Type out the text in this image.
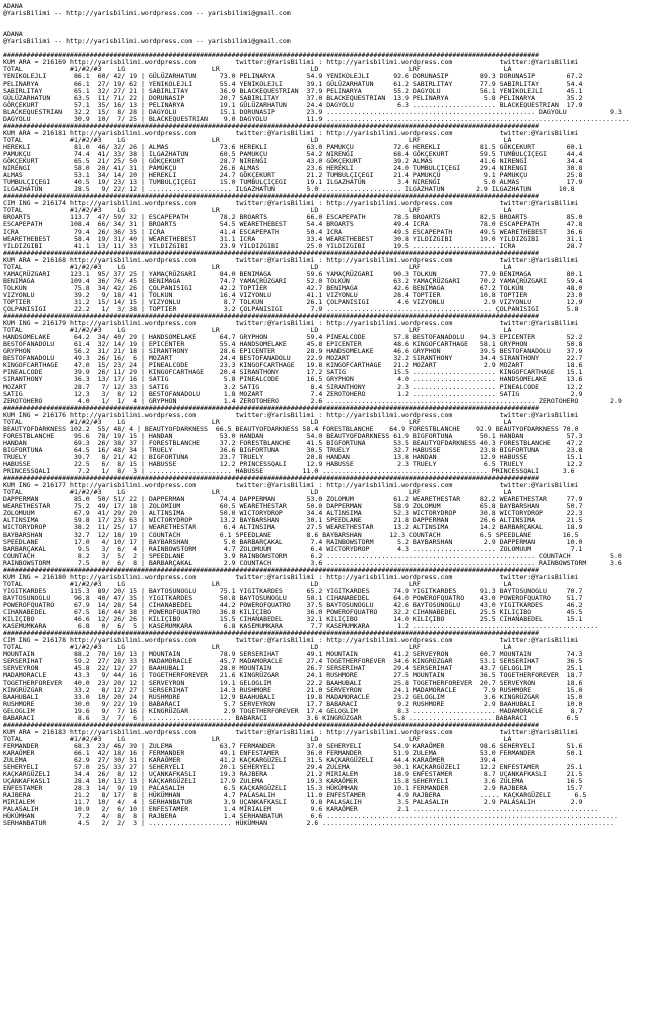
ADANA
@YarisBilimi -- http://yarisbilimi.wordpress.com -- yarisbilimi@gmail.com
ADANA
@YarisBilimi -- http://yarisbilimi.wordpress.com -- yarisbilimi@gmail.com
########################################################################################################################################
KUM ARA = 216169 http://yarisbilimi.wordpress.com          twitter:@YarisBilimi : http://yarisbilimi.wordpress.com            twitter:@YarisBilimi
TOTAL            #1/#2/#3    LG                      LR                       LD                       LRF                     LA
YENIKOLEJLI       86.1  60/ 42/ 19 | GÜLÜZARHATUN      73.0 PELINARYA        54.9 YENIKOLEJLI      92.6 DORUNASIP        89.3 DORUNASIP        67.2
PELINARYA         66.1  27/ 19/ 62 | YENIKOLEJLI       55.4 YENIKOLEJLI      39.1 GÜLÜZARHATUN     61.2 SABIRLITAY       77.9 SABIRLITAY       54.4
SABIRLITAY        65.1  32/ 27/ 21 | SABIRLITAY        36.9 BLACKEQUESTRIAN  37.9 PELINARYA        55.2 DAGYOLU          56.1 YENIKOLEJLI      45.1
GÜLÜZARHATUN      63.5  11/ 71/ 22 | DORUNASIP         20.7 SABIRLITAY       37.0 BLACKEQUESTRIAN  13.9 PELINARYA         5.8 PELINARYA        35.2
GÖRÇEKURT         57.1  35/ 16/ 13 | PELINARYA         19.1 GÜLÜZARHATUN     24.4 DAGYOLU           6.3 ..................... BLACKEQUESTRIAN  17.9
BLACKEQUESTRIAN   32.2  15/  8/ 28 | DAGYOLU           15.1 DORUNASIP        23.9 ..................................................... DAGYOLU           9.3
DAGYOLU           30.9  10/  7/ 25 | BLACKEQUESTRIAN    9.0 DAGYOLU          11.9 .............................................................................
########################################################################################################################################
KUM ARA = 216181 http://yarisbilimi.wordpress.com          twitter:@YarisBilimi : http://yarisbilimi.wordpress.com            twitter:@YarisBilimi
TOTAL            #1/#2/#3    LG                      LR                       LD                       LRF                     LA
HEREKLI           81.0  46/ 32/ 26 | ALMAS             73.6 HEREKLI          63.0 PAMUKÇU          72.6 HEREKLI          81.5 GÖKÇEKURT        60.1
PAMUKÇU           74.4  41/ 33/ 38 | ILGAZHATUN        60.5 PAMUKÇU          54.2 NIRENGI          68.4 GÖKÇEKURT        59.5 TUMBULÇIÇEGI     44.4
GÖKÇEKURT         65.5  21/ 25/ 50 | GÖKÇEKURT         28.7 NIRENGI          43.0 GÖKÇEKURT        39.2 ALMAS            41.6 NIRENGI          34.4
NIRENGI           58.0  20/ 41/ 31 | PAMUKÇU           26.6 ALMAS            23.6 HEREKLI          24.0 TUMBULÇIÇEGI     29.4 NIRENGI          30.8
ALMAS             53.1  34/ 14/ 20 | HEREKLI           24.7 GÖKÇEKURT        21.2 TUMBULÇIÇEGI     21.4 PAMUKÇU           9.1 PAMUKÇU          25.8
TUMBULÇIÇEGI      40.5  19/ 23/ 13 | TUMBULÇIÇEGI      15.0 TUMBULÇIÇEGI     19.1 ILGAZHATUN        3.4 NIRENGI           5.0 ALMAS            17.9
ILGAZHATUN        28.5   9/ 22/ 12 | ..................... ILGAZHATUN        5.0 .................... ILGAZHATUN        2.9 ILGAZHATUN       10.8
########################################################################################################################################
CIM ING = 216174 http://yarisbilimi.wordpress.com          twitter:@YarisBilimi : http://yarisbilimi.wordpress.com            twitter:@YarisBilimi
TOTAL            #1/#2/#3    LG                      LR                       LD                       LRF                     LA
BROARTS          113.7  47/ 59/ 32 | ESCAPEPATH        78.2 BROARTS          66.0 ESCAPEPATH       78.5 BROARTS          82.5 BROARTS          85.0
ESCAPEPATH       108.4  66/ 34/ 31 | BROARTS           54.5 WEARETHEBEST     54.4 BROARTS          49.4 ICRA             78.0 ESCAPEPATH       47.8
ICRA              79.4  26/ 36/ 35 | ICRA              41.4 ESCAPEPATH       50.4 ICRA             49.5 ESCAPEPATH       49.5 WEARETHEBEST     36.6
WEARETHEBEST      58.4  19/ 31/ 40 | WEARETHEBEST      31.1 ICRA             33.4 WEARETHEBEST     30.8 YILDIZGIBI       19.0 YILDIZGIBI       31.1
YILDIZGIBI        41.1  13/ 11/ 33 | YILDIZGIBI        23.9 YILDIZGIBI       25.0 YILDIZGIBI       19.5 ..................... ICRA             28.7
########################################################################################################################################
KUM ARA = 216168 http://yarisbilimi.wordpress.com          twitter:@YarisBilimi : http://yarisbilimi.wordpress.com            twitter:@YarisBilimi
TOTAL            #1/#2/#3    LG                      LR                       LD                       LRF                     LA
YAMAÇRÜZGARI     123.1  95/ 37/ 25 | YAMAÇRÜZGARI      84.0 BENIMAGA         59.6 YAMAÇRÜZGARI     90.3 TOLKUN           77.9 BENIMAGA         80.1
BENIMAGA         109.4  36/ 76/ 45 | BENIMAGA          74.7 YAMAÇRÜZGARI     52.0 TOLKUN           63.2 YAMAÇRÜZGARI     70.2 YAMAÇRÜZGARI     59.4
TOLKUN            75.8  34/ 42/ 26 | ÇOLPANISIGI       42.2 TOPTIER          42.7 BENIMAGA         42.6 BENIMAGA         67.2 TOLKUN           48.0
VIZYONLU          39.2   9/ 18/ 41 | TOLKUN            16.4 VIZYONLU         41.1 VIZYONLU         28.4 TOPTIER          10.8 TOPTIER          23.0
TOPTIER           31.2  15/ 14/ 15 | VIZYONLU           8.7 TOLKUN           26.1 ÇOLPANISIGI       4.6 VIZYONLU          2.9 VIZYONLU         12.9
ÇOLPANISIGI       22.2   1/  3/ 38 | TOPTIER            3.2 ÇOLPANISIGI       7.9 .......................................... ÇOLPANISIGI       5.8
########################################################################################################################################
KUM ING = 216179 http://yarisbilimi.wordpress.com          twitter:@YarisBilimi : http://yarisbilimi.wordpress.com            twitter:@YarisBilimi
TOTAL            #1/#2/#3    LG                      LR                       LD                       LRF                     LA
HANDSOMELAKE      64.2  34/ 40/ 29 | HANDSOMELAKE      64.7 GRYPHON          59.4 PINEALCODE       57.8 BESTOFANADOLU    94.3 EPICENTER        52.2
BESTOFANADOLU     61.4  32/ 14/ 19 | EPICENTER         55.4 HANDSOMELAKE     45.8 EPICENTER        48.6 KINGOFCARTHAGE   58.1 GRYPHON          50.8
GRYPHON           56.2  31/ 21/ 18 | SIRANTHONY        28.6 EPICENTER        28.9 HANDSOMELAKE     46.6 GRYPHON          39.5 BESTOFANADOLU    37.9
BESTOFANADOLU     49.3  26/ 16/  6 | MOZART            24.4 BESTOFANADOLU    22.9 MOZART           32.2 SIRANTHONY       34.4 SIRANTHONY       22.7
KINGOFCARTHAGE    47.0  15/ 23/ 24 | PINEALCODE        23.3 KINGOFCARTHAGE   19.8 KINGOFCARTHAGE   21.2 MOZART            2.9 MOZART           18.6
PINEALCODE        39.9  26/ 11/ 29 | KINGOFCARTHAGE    20.4 SIRANTHONY       17.2 SATIG            15.5 ..................... KINGOFCARTHAGE   15.1
SIRANTHONY        36.3  13/ 17/ 16 | SATIG              5.8 PINEALCODE       16.5 GRYPHON           4.0 ..................... HANDSOMELAKE     13.6
MOZART            28.7   7/ 12/ 33 | SATIG              3.2 SATIG             8.4 SIRANTHONY        2.3 ..................... PINEALCODE       12.2
SATIG             12.3   3/  8/ 12 | BESTOFANADOLU      1.8 MOZART            7.4 ZEROTOHERO        1.2 ..................... SATIG             2.9
ZEROTOHERO         4.0   1/  1/  4 | GRYPHON            1.4 ZEROTOHERO        2.6 ..................................................... ZEROTOHERO        2.9
########################################################################################################################################
KUM ING = 216176 http://yarisbilimi.wordpress.com          twitter:@YarisBilimi : http://yarisbilimi.wordpress.com            twitter:@YarisBilimi
TOTAL            #1/#2/#3    LG                      LR                       LD                       LRF                     LA
BEAUTYOFDARKNESS 102.2  55/ 48/ 4 | BEAUTYOFDARKNESS  66.5 BEAUTYOFDARKNESS 58.4 FORESTBLANCHE    64.9 FORESTBLANCHE    92.9 BEAUTYOFDARKNESS 70.0
FORESTBLANCHE     95.6  78/ 19/ 15 | HANDAN            53.0 HANDAN           54.0 BEAUTYOFDARKNESS 61.9 BIGFORTUNA       50.1 HANDAN           57.3
HANDAN            69.3  26/ 38/ 37 | FORESTBLANCHE     37.2 FORESTBLANCHE    41.5 BIGFORTUNA       53.5 BEAUTYOFDARKNESS 40.3 FORESTBLANCHE    47.2
BIGFORTUNA        64.5  16/ 48/ 34 | TRUELY            36.6 BIGFORTUNA       30.5 TRUELY           32.7 HABUSSE          23.8 BIGFORTUNA       23.8
TRUELY            39.7   8/ 21/ 42 | BIGFORTUNA        23.7 TRUELY           20.8 HANDAN           13.8 HANDAN           12.9 HABUSSE          15.1
HABUSSE           22.5   6/  8/ 15 | HABUSSE           12.2 PRINCESSQALI     12.9 HABUSSE           2.3 TRUELY            6.5 TRUELY           12.2
PRINCESSQALI       7.2   1/  8/  3 | ..................... HABUSSE          11.0 .......................................... PRINCESSQALI      3.6
########################################################################################################################################
KUM ING = 216177 http://yarisbilimi.wordpress.com          twitter:@YarisBilimi : http://yarisbilimi.wordpress.com            twitter:@YarisBilimi
TOTAL            #1/#2/#3    LG                      LR                       LD                       LRF                     LA
DAPPERMAN         85.0  50/ 51/ 22 | DAPPERMAN         74.4 DAPPERMAN        53.0 ZOLOMUM          61.2 WEARETHESTAR     82.2 WEARETHESTAR     77.9
WEARETHESTAR      75.2  49/ 17/ 18 | ZOLOMIUM          60.5 WEARETHESTAR     50.0 DAPPERMAN        58.9 ZOLOMUM          65.8 BAYBARSHAN       50.7
ZOLOMUUM          67.9  41/ 29/ 20 | ALTINSIMA         50.0 WICTORYDROP      34.4 ALTINSIMA        52.3 WICTORYDROP      30.8 WICTORYDROP      22.3
ALTINSIMA         59.8  17/ 23/ 63 | WICTORYDROP       13.2 BAYBARSHAN       30.1 SPEEDLANE        21.8 DAPPERMAN        26.6 ALTINSIMA        21.5
WICTORYDROP       38.2  11/ 25/ 17 | WEARETHESTAR       6.4 ALTINSIMA        27.5 WEARETHESTAR     13.2 ALTINSIMA        14.2 BARBARÇAKAL      18.9
BAYBARSHAN        32.7  12/ 18/ 19 | COUNTACH          6.1 SPEEDLANE         8.6 BAYBARSHAN       12.3 COUNTACH          6.5 SPEEDLANE        16.5
SPEEDLANE         17.0   4/ 10/ 17 | BAYBARSHAN         5.0 BARBARÇAKAL       7.4 RAINBOWSTORM      5.2 BAYBARSHAN        2.9 DAPPERMAN        10.0
BARBARÇAKAL        9.5   3/  6/  4 | RAINBOWSTORM       4.7 ZOLOMUUM          6.4 WICTORYDROP       4.3 ..................... ZOLOMUUM          7.1
COUNTACH           8.2   3/  5/  2 | SPEEDLANE          3.9 RAINBOWSTORM      6.2 ..................................................... COUNTACH          5.0
RAINBOWSTORM       7.5   0/  6/  8 | BARBARÇAKAL        2.9 COUNTACH          3.6 ..................................................... RAINBOWSTORM      3.6
########################################################################################################################################
KUM ING = 216180 http://yarisbilimi.wordpress.com          twitter:@YarisBilimi : http://yarisbilimi.wordpress.com            twitter:@YarisBilimi
TOTAL            #1/#2/#3    LG                      LR                       LD                       LRF                     LA
YIGITKARDES      115.3  89/ 20/ 15 | BAYTOSUNOGLU      75.1 YIGITKARDES      65.2 YIGITKARDES      74.9 YIGITKARDES      91.3 BAYTOSUNOGLU     70.7
BAYTOSUNOGLU      96.8  40/ 47/ 35 | YIGITKARDES       50.8 BAYTOSUNOGLU     50.1 CIHANABEDEL      64.0 POWEROFQUATRO    43.0 POWEROFQUATRO    51.7
POWEROFQUATRO     67.9  14/ 28/ 54 | CIHANABEDEL       44.2 POWEROFQUATRO    37.5 BAYTOSUNOGLU     42.6 BAYTOSUNOGLU     43.0 YIGITKARDES      46.2
CIHANABEDEL       67.5  16/ 44/ 38 | POWEROFQUATRO     36.8 KILIÇIBO         36.0 POWEROFQUATRO    32.2 CIHANABEDEL      25.5 KILIÇIBO         45.5
KILIÇIBO          46.6  12/ 26/ 26 | KILIÇIBO          15.5 CIHANABEDEL      32.1 KILIÇIBO         14.0 KILIÇIBO         25.5 CIHANABEDEL      15.1
KASEMUMKARA        6.8   0/  6/  5 | KASEMUMKARA        6.8 KASEMUMKARA       7.7 KASEMUMKARA       1.2 ...............................................
########################################################################################################################################
CIM ING = 216178 http://yarisbilimi.wordpress.com          twitter:@YarisBilimi : http://yarisbilimi.wordpress.com            twitter:@YarisBilimi
TOTAL            #1/#2/#3    LG                      LR                       LD                       LRF                     LA
MOUNTAIN          88.2  70/ 10/ 13 | MOUNTAIN          78.9 SERSERIHAT       49.1 MOUNTAIN         41.2 SERVEYRON        60.7 MOUNTAIN         74.3
SERSERIHAT        59.2  27/ 28/ 33 | MADAMORACLE       45.7 MADAMORACLE      27.4 TOGETHERFOREVER  34.6 KINGRÜZGAR       53.1 SERSERIHAT       36.5
SERVEYRON         45.8  22/ 12/ 27 | BAAHUBALI         28.0 MOUNTAIN         26.7 SERSERIHAT       29.4 SERSERIHAT       43.7 GELOGLIM         25.1
MADAMORACLE       43.3   9/ 44/ 16 | TOGETHERFOREVER   21.6 KINGRÜZGAR       24.1 RUSHMORE         27.5 MOUNTAIN         36.5 TOGETHERFOREVER  18.7
TOGETHERFOREVER   40.0  23/ 20/ 12 | SERVEYRON         19.1 GELOGLIM         22.2 BAAHUBALI        25.8 TOGETHERFOREVER  20.7 SERVEYRON        18.6
KINGRÜZGAR        33.2   8/ 12/ 27 | SERSERIHAT        14.3 RUSHMORE         21.0 SERVEYRON        24.1 MADAMORACLE       7.9 RUSHMORE         15.0
BAAHUBALI         33.0  10/ 20/ 24 | RUSHMORE          12.9 BAAHUBALI        19.8 MADAMORACLE      23.2 GELOGLIM          3.6 KINGRÜZGAR       15.0
RUSHMORE          30.0   9/ 22/ 19 | BABARACI           5.7 SERVEYRON        17.7 BABARACI          9.2 RUSHMORE          2.9 BAAHUBALI        10.0
GELOGLIM          19.6   9/  7/ 16 | KINGRÜZGAR         2.9 TOGETHERFOREVER  17.4 GELOGLIM          8.3 ..................... MADAMORACLE       8.7
BABARACI           8.6   3/  7/  6 | ..................... BABARACI          3.6 KINGRÜZGAR        5.8 ..................... BABARACI          6.5
########################################################################################################################################
KUM ARA = 216183 http://yarisbilimi.wordpress.com          twitter:@YarisBilimi : http://yarisbilimi.wordpress.com            twitter:@YarisBilimi
TOTAL            #1/#2/#3    LG                      LR                       LD                       LRF                     LA
FERMANDER         68.3  23/ 46/ 39 | ZULEMA            63.7 FERMANDER        37.0 SEHERYELI        54.9 KARAÖMER         98.6 SEHERYELI        51.6
KARAÖMER          66.1  42/ 18/ 16 | FERMANDER         49.1 ENFESTAMER       36.0 FERMANDER        51.9 ZULEMA           53.0 FERMANDER        50.1
ZULEMA            62.9  27/ 30/ 31 | KARAÖMER          41.2 KAÇKARGÜZELI     31.5 KAÇKARGÜZELI     44.4 KARAÖMER         39.4
SEHERYELI         57.0  25/ 33/ 27 | SEHERYELI         20.1 SEHERYELI        29.4 ZULEMA           30.1 KAÇKARGÜZELI     12.2 ENFESTAMER       25.1
KAÇKARGÜZELI      34.4  26/  8/ 12 | UÇANKAFKASLI      19.3 RAJBERA          21.2 MIRIALEM         18.9 ENFESTAMER        8.7 UÇANKAFKASLI     21.5
UÇANKAFKASLI      28.4  10/ 13/ 13 | KAÇKARGÜZELI      17.9 ZULEMA           19.3 KARAÖMER         15.8 SEHERYELI         3.6 ZULEMA           16.5
ENFESTAMER        28.3  14/  9/ 19 | PALASALIH          6.5 KAÇKARGÜZELI     15.3 HÜKÜMHAN         10.1 FERMANDER         2.9 RAJBERA          15.7
RAJBERA           21.2   8/ 17/  8 | HÜKÜMHAN           4.7 PALASALIH        11.0 ENFESTAMER        4.9 RAJBERA          ..... KAÇKARGÜZELI      6.5
MIRIALEM          11.7  10/  4/  4 | SERHANBATUR        3.9 UÇANKAFKASLI      9.8 PALASALIH         3.5 PALASALIH         2.9 PALASALIH         2.9
PALASALIH         10.9   2/  6/ 10 | ENFESTAMER         1.4 MIRIALEM          9.6 KARAÖMER          2.1 ...............................................
HÜKÜMHAN           7.2   4/  8/  8 | RAJBERA            1.4 SERHANBATUR       6.6 ..........................................................................
SERHANBATUR        4.5   2/  2/  3 | ..................... HÜKÜMHAN          2.6 ..........................................................................
